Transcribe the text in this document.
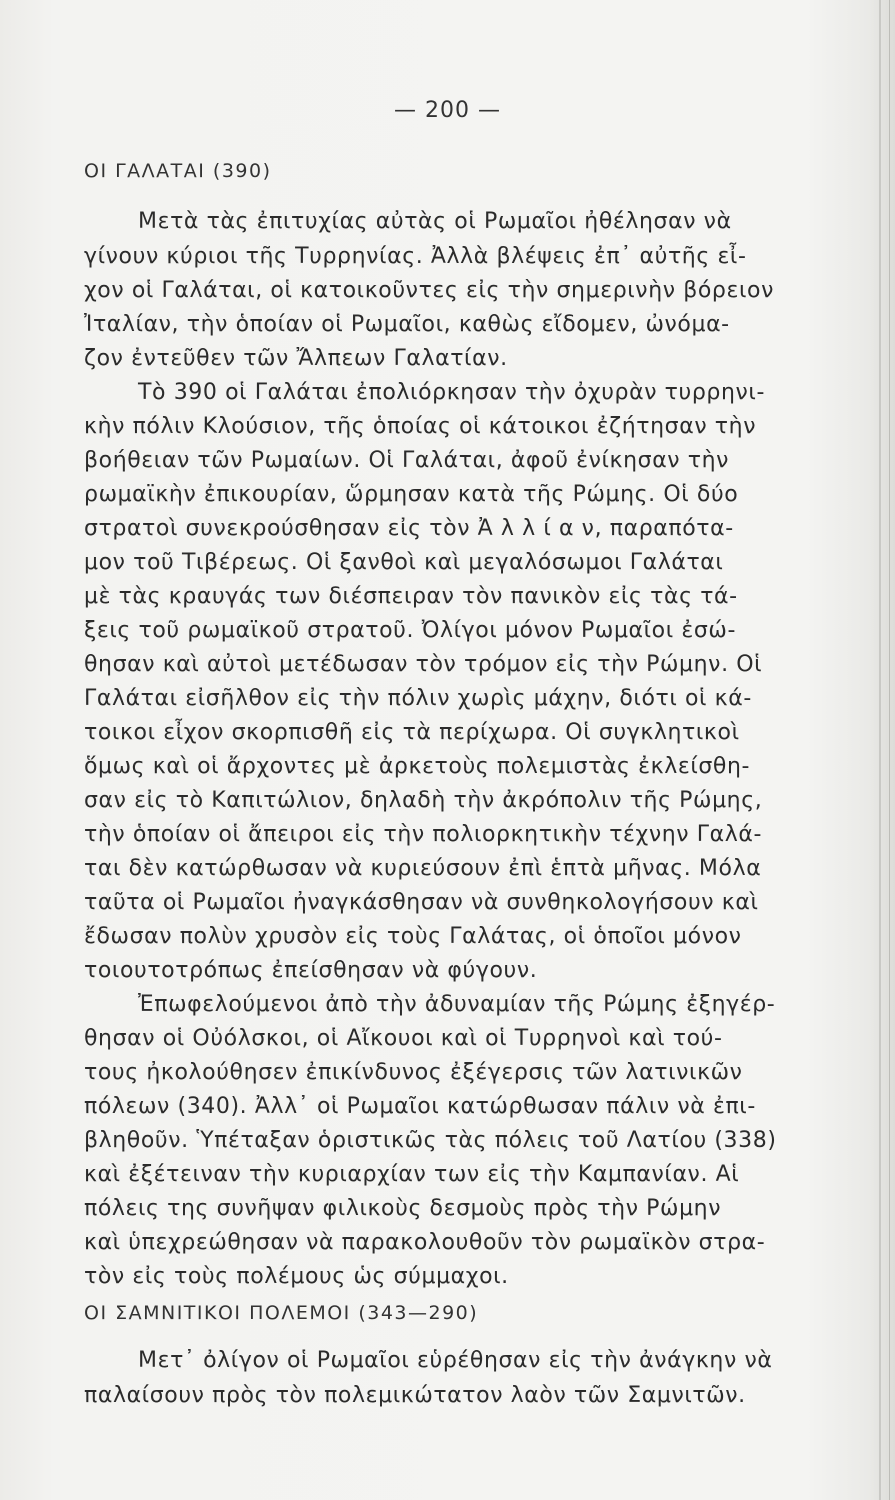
— 200 —
ΟΙ ΓΑΛΑΤΑΙ (390)
Μετὰ τὰς ἐπιτυχίας αὐτὰς οἱ Ρωμαῖοι ἠθέλησαν νὰ
γίνουν κύριοι τῆς Τυρρηνίας. Ἀλλὰ βλέψεις ἐπ᾽ αὐτῆς εἶ-
χον οἱ Γαλάται, οἱ κατοικοῦντες εἰς τὴν σημερινὴν βόρειον
Ἰταλίαν, τὴν ὁποίαν οἱ Ρωμαῖοι, καθὼς εἴδομεν, ὠνόμα-
ζον ἐντεῦθεν τῶν Ἄλπεων Γαλατίαν.
Τὸ 390 οἱ Γαλάται ἐπολιόρκησαν τὴν ὀχυρὰν τυρρηνι-
κὴν πόλιν Κλούσιον, τῆς ὁποίας οἱ κάτοικοι ἐζήτησαν τὴν
βοήθειαν τῶν Ρωμαίων. Οἱ Γαλάται, ἀφοῦ ἐνίκησαν τὴν
ρωμαϊκὴν ἐπικουρίαν, ὥρμησαν κατὰ τῆς Ρώμης. Οἱ δύο
στρατοὶ συνεκρούσθησαν εἰς τὸν Ἀ λ λ ί α ν, παραπότα-
μον τοῦ Τιβέρεως. Οἱ ξανθοὶ καὶ μεγαλόσωμοι Γαλάται
μὲ τὰς κραυγάς των διέσπειραν τὸν πανικὸν εἰς τὰς τά-
ξεις τοῦ ρωμαϊκοῦ στρατοῦ. Ὀλίγοι μόνον Ρωμαῖοι ἐσώ-
θησαν καὶ αὐτοὶ μετέδωσαν τὸν τρόμον εἰς τὴν Ρώμην. Οἱ
Γαλάται εἰσῆλθον εἰς τὴν πόλιν χωρὶς μάχην, διότι οἱ κά-
τοικοι εἶχον σκορπισθῆ εἰς τὰ περίχωρα. Οἱ συγκλητικοὶ
ὅμως καὶ οἱ ἄρχοντες μὲ ἀρκετοὺς πολεμιστὰς ἐκλείσθη-
σαν εἰς τὸ Καπιτώλιον, δηλαδὴ τὴν ἀκρόπολιν τῆς Ρώμης,
τὴν ὁποίαν οἱ ἄπειροι εἰς τὴν πολιορκητικὴν τέχνην Γαλά-
ται δὲν κατώρθωσαν νὰ κυριεύσουν ἐπὶ ἑπτὰ μῆνας. Μόλα
ταῦτα οἱ Ρωμαῖοι ἠναγκάσθησαν νὰ συνθηκολογήσουν καὶ
ἔδωσαν πολὺν χρυσὸν εἰς τοὺς Γαλάτας, οἱ ὁποῖοι μόνον
τοιουτοτρόπως ἐπείσθησαν νὰ φύγουν.
Ἐπωφελούμενοι ἀπὸ τὴν ἀδυναμίαν τῆς Ρώμης ἐξηγέρ-
θησαν οἱ Οὐόλσκοι, οἱ Αἴκουοι καὶ οἱ Τυρρηνοὶ καὶ τού-
τους ἠκολούθησεν ἐπικίνδυνος ἐξέγερσις τῶν λατινικῶν
πόλεων (340). Ἀλλ᾽ οἱ Ρωμαῖοι κατώρθωσαν πάλιν νὰ ἐπι-
βληθοῦν. Ὑπέταξαν ὁριστικῶς τὰς πόλεις τοῦ Λατίου (338)
καὶ ἐξέτειναν τὴν κυριαρχίαν των εἰς τὴν Καμπανίαν. Αἱ
πόλεις της συνῆψαν φιλικοὺς δεσμοὺς πρὸς τὴν Ρώμην
καὶ ὑπεχρεώθησαν νὰ παρακολουθοῦν τὸν ρωμαϊκὸν στρα-
τὸν εἰς τοὺς πολέμους ὡς σύμμαχοι.
ΟΙ ΣΑΜΝΙΤΙΚΟΙ ΠΟΛΕΜΟΙ (343—290)
Μετ᾽ ὀλίγον οἱ Ρωμαῖοι εὑρέθησαν εἰς τὴν ἀνάγκην νὰ
παλαίσουν πρὸς τὸν πολεμικώτατον λαὸν τῶν Σαμνιτῶν.
